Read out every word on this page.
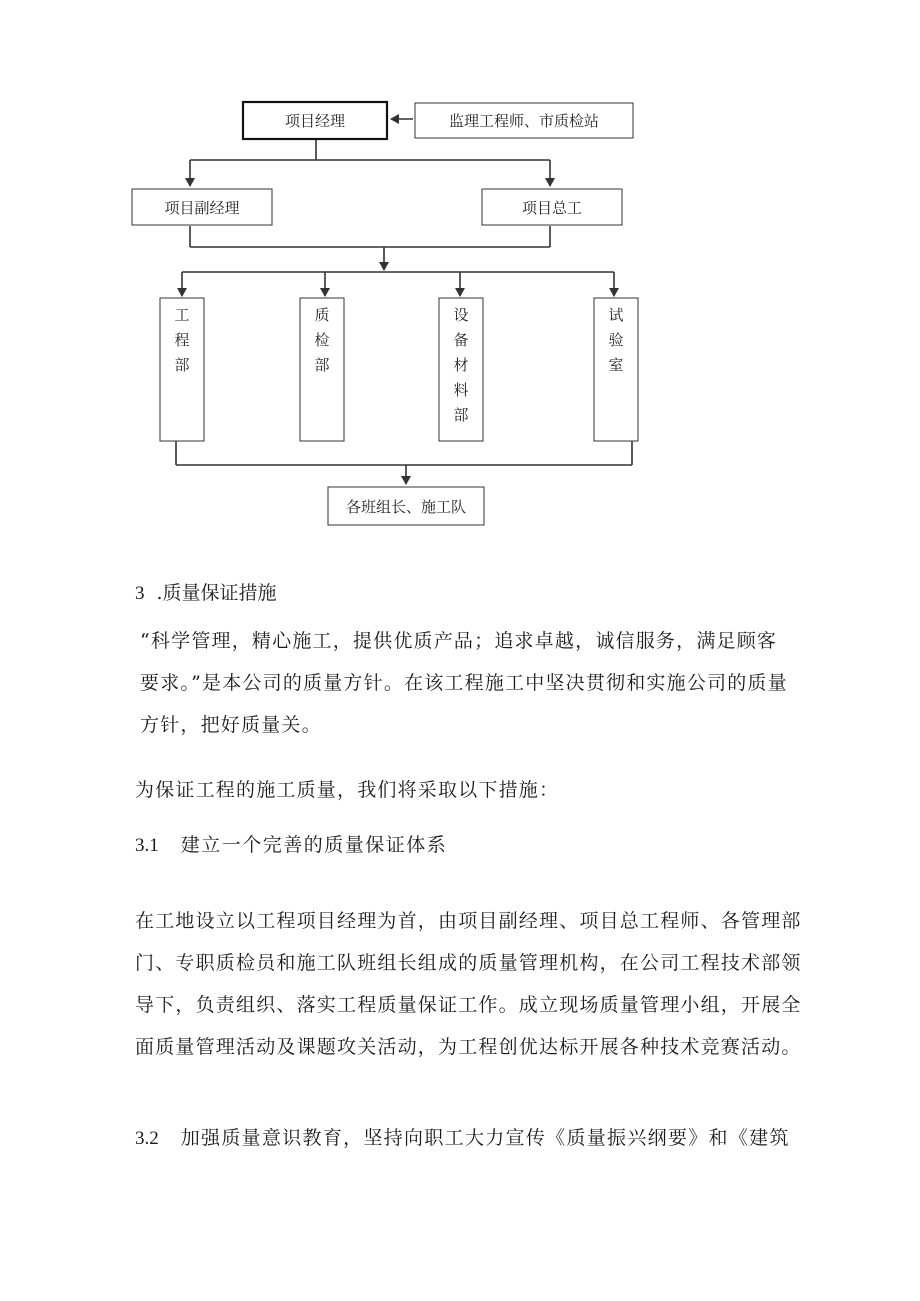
项目经理	监理工程师、市质检站
项目副经理	项目总工
工
程
部
质
检
部
设
备
材
料
部
试
验
室
各班组长、施工队
3 .质量保证措施

“科学管理，精心施工，提供优质产品；追求卓越，诚信服务，满足顾客

要求。”是本公司的质量方针。在该工程施工中坚决贯彻和实施公司的质量

方针，把好质量关。

为保证工程的施工质量，我们将采取以下措施：

3.1 建立一个完善的质量保证体系

在工地设立以工程项目经理为首，由项目副经理、项目总工程师、各管理部

门、专职质检员和施工队班组长组成的质量管理机构，在公司工程技术部领

导下，负责组织、落实工程质量保证工作。成立现场质量管理小组，开展全

面质量管理活动及课题攻关活动，为工程创优达标开展各种技术竞赛活动。

3.2 加强质量意识教育，坚持向职工大力宣传《质量振兴纲要》和《建筑
